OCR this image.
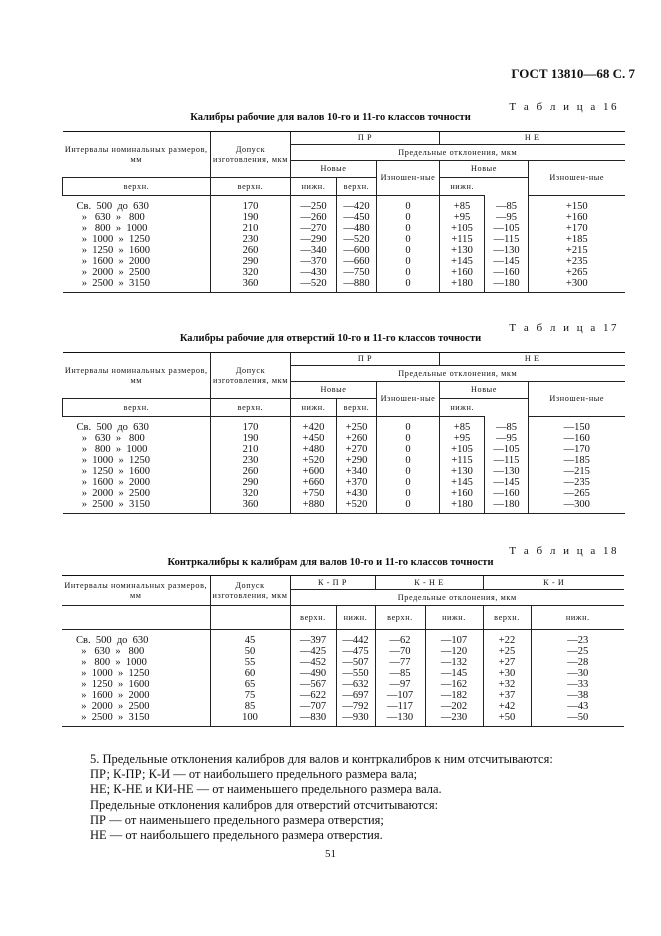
ГОСТ 13810—68 С. 7
Т а б л и ц а 16
Калибры рабочие для валов 10-го и 11-го классов точности
Интервалы номинальных размеров, мм	Допуск изготовления, мкм	П Р			Н Е		
		Предельные отклонения, мкм					
		Новые		Изношен-ные	Новые		Изношен-ные
верхн.	верхн.	нижн.	верхн.		нижн.		
Св.  500  до  630	170	—250	—420	0	+85	—85	+150
»   630  »   800	190	—260	—450	0	+95	—95	+160
»   800  »  1000	210	—270	—480	0	+105	—105	+170
»  1000  »  1250	230	—290	—520	0	+115	—115	+185
»  1250  »  1600	260	—340	—600	0	+130	—130	+215
»  1600  »  2000	290	—370	—660	0	+145	—145	+235
»  2000  »  2500	320	—430	—750	0	+160	—160	+265
»  2500  »  3150	360	—520	—880	0	+180	—180	+300
Т а б л и ц а 17
Калибры рабочие для отверстий 10-го и 11-го классов точности
Интервалы номинальных размеров, мм	Допуск изготовления, мкм	П Р			Н Е		
		Предельные отклонения, мкм					
		Новые		Изношен-ные	Новые		Изношен-ные
верхн.	верхн.	нижн.	верхн.		нижн.		
Св.  500  до  630	170	+420	+250	0	+85	—85	—150
»   630  »   800	190	+450	+260	0	+95	—95	—160
»   800  »  1000	210	+480	+270	0	+105	—105	—170
»  1000  »  1250	230	+520	+290	0	+115	—115	—185
»  1250  »  1600	260	+600	+340	0	+130	—130	—215
»  1600  »  2000	290	+660	+370	0	+145	—145	—235
»  2000  »  2500	320	+750	+430	0	+160	—160	—265
»  2500  »  3150	360	+880	+520	0	+180	—180	—300
Т а б л и ц а 18
Контркалибры к калибрам для валов 10-го и 11-го классов точности
Интервалы номинальных размеров, мм	Допуск изготовления, мкм	К - П Р		К - Н Е		К - И	
		Предельные отклонения, мкм					
		верхн.	нижн.	верхн.	нижн.	верхн.	нижн.
Св.  500  до  630	45	—397	—442	—62	—107	+22	—23
»   630  »   800	50	—425	—475	—70	—120	+25	—25
»   800  »  1000	55	—452	—507	—77	—132	+27	—28
»  1000  »  1250	60	—490	—550	—85	—145	+30	—30
»  1250  »  1600	65	—567	—632	—97	—162	+32	—33
»  1600  »  2000	75	—622	—697	—107	—182	+37	—38
»  2000  »  2500	85	—707	—792	—117	—202	+42	—43
»  2500  »  3150	100	—830	—930	—130	—230	+50	—50
5. Предельные отклонения калибров для валов и контркалибров к ним отсчитываются:
ПР; К-ПР; К-И — от наибольшего предельного размера вала;
НЕ; К-НЕ и КИ-НЕ — от наименьшего предельного размера вала.
Предельные отклонения калибров для отверстий отсчитываются:
ПР — от наименьшего предельного размера отверстия;
НЕ — от наибольшего предельного размера отверстия.
51
